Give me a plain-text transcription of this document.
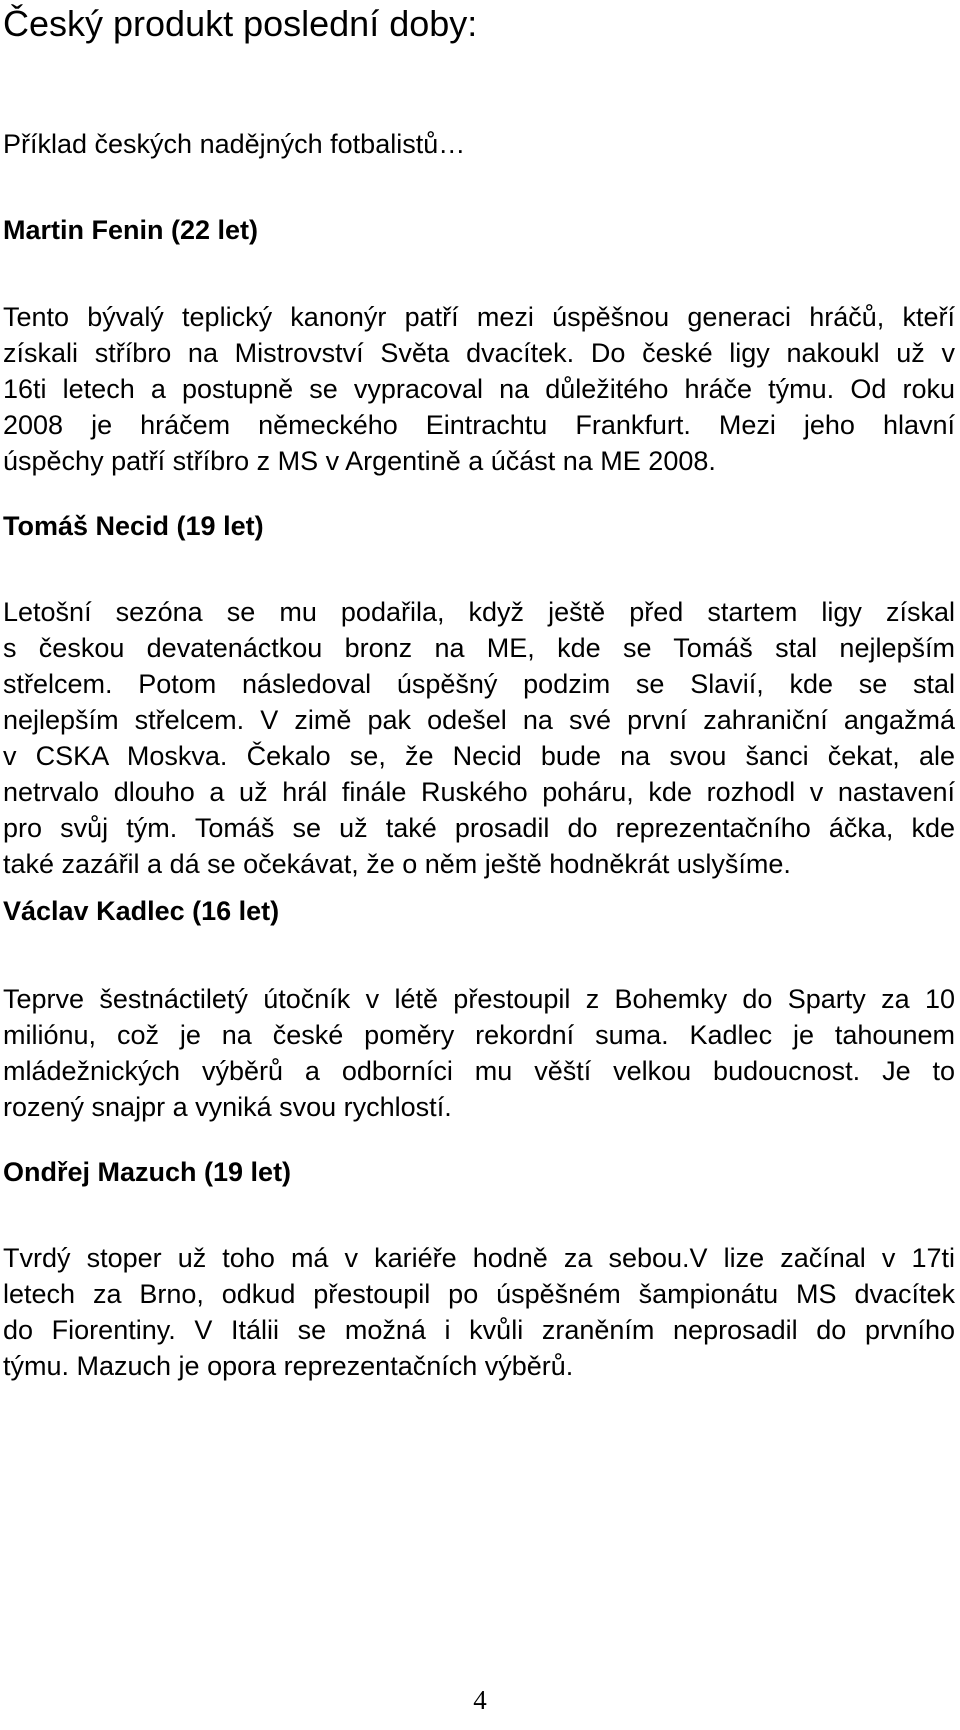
Český produkt poslední doby:

Příklad českých nadějných fotbalistů…

Martin Fenin (22 let)
Tento bývalý teplický kanonýr patří mezi úspěšnou generaci hráčů, kteří
získali stříbro na Mistrovství Světa dvacítek. Do české ligy nakoukl už v
16ti letech a postupně se vypracoval na důležitého hráče týmu. Od roku
2008 je hráčem německého Eintrachtu Frankfurt. Mezi jeho hlavní
úspěchy patří stříbro z MS v Argentině a účást na ME 2008.
Tomáš Necid (19 let)
Letošní sezóna se mu podařila, když ještě před startem ligy získal
s českou devatenáctkou bronz na ME, kde se Tomáš stal nejlepším
střelcem. Potom následoval úspěšný podzim se Slavií, kde se stal
nejlepším střelcem. V zimě pak odešel na své první zahraniční angažmá
v CSKA Moskva. Čekalo se, že Necid bude na svou šanci čekat, ale
netrvalo dlouho a už hrál finále Ruského poháru, kde rozhodl v nastavení
pro svůj tým. Tomáš se už také prosadil do reprezentačního áčka, kde
také zazářil a dá se očekávat, že o něm ještě hodněkrát uslyšíme.
Václav Kadlec (16 let)
Teprve šestnáctiletý útočník v létě přestoupil z Bohemky do Sparty za 10
miliónu, což je na české poměry rekordní suma. Kadlec je tahounem
mládežnických výběrů a odborníci mu věští velkou budoucnost. Je to
rozený snajpr a vyniká svou rychlostí.
Ondřej Mazuch (19 let)
Tvrdý stoper už toho má v kariéře hodně za sebou.V lize začínal v 17ti
letech za Brno, odkud přestoupil po úspěšném šampionátu MS dvacítek
do Fiorentiny. V Itálii se možná i kvůli zraněním neprosadil do prvního
týmu. Mazuch je opora reprezentačních výběrů.
4
